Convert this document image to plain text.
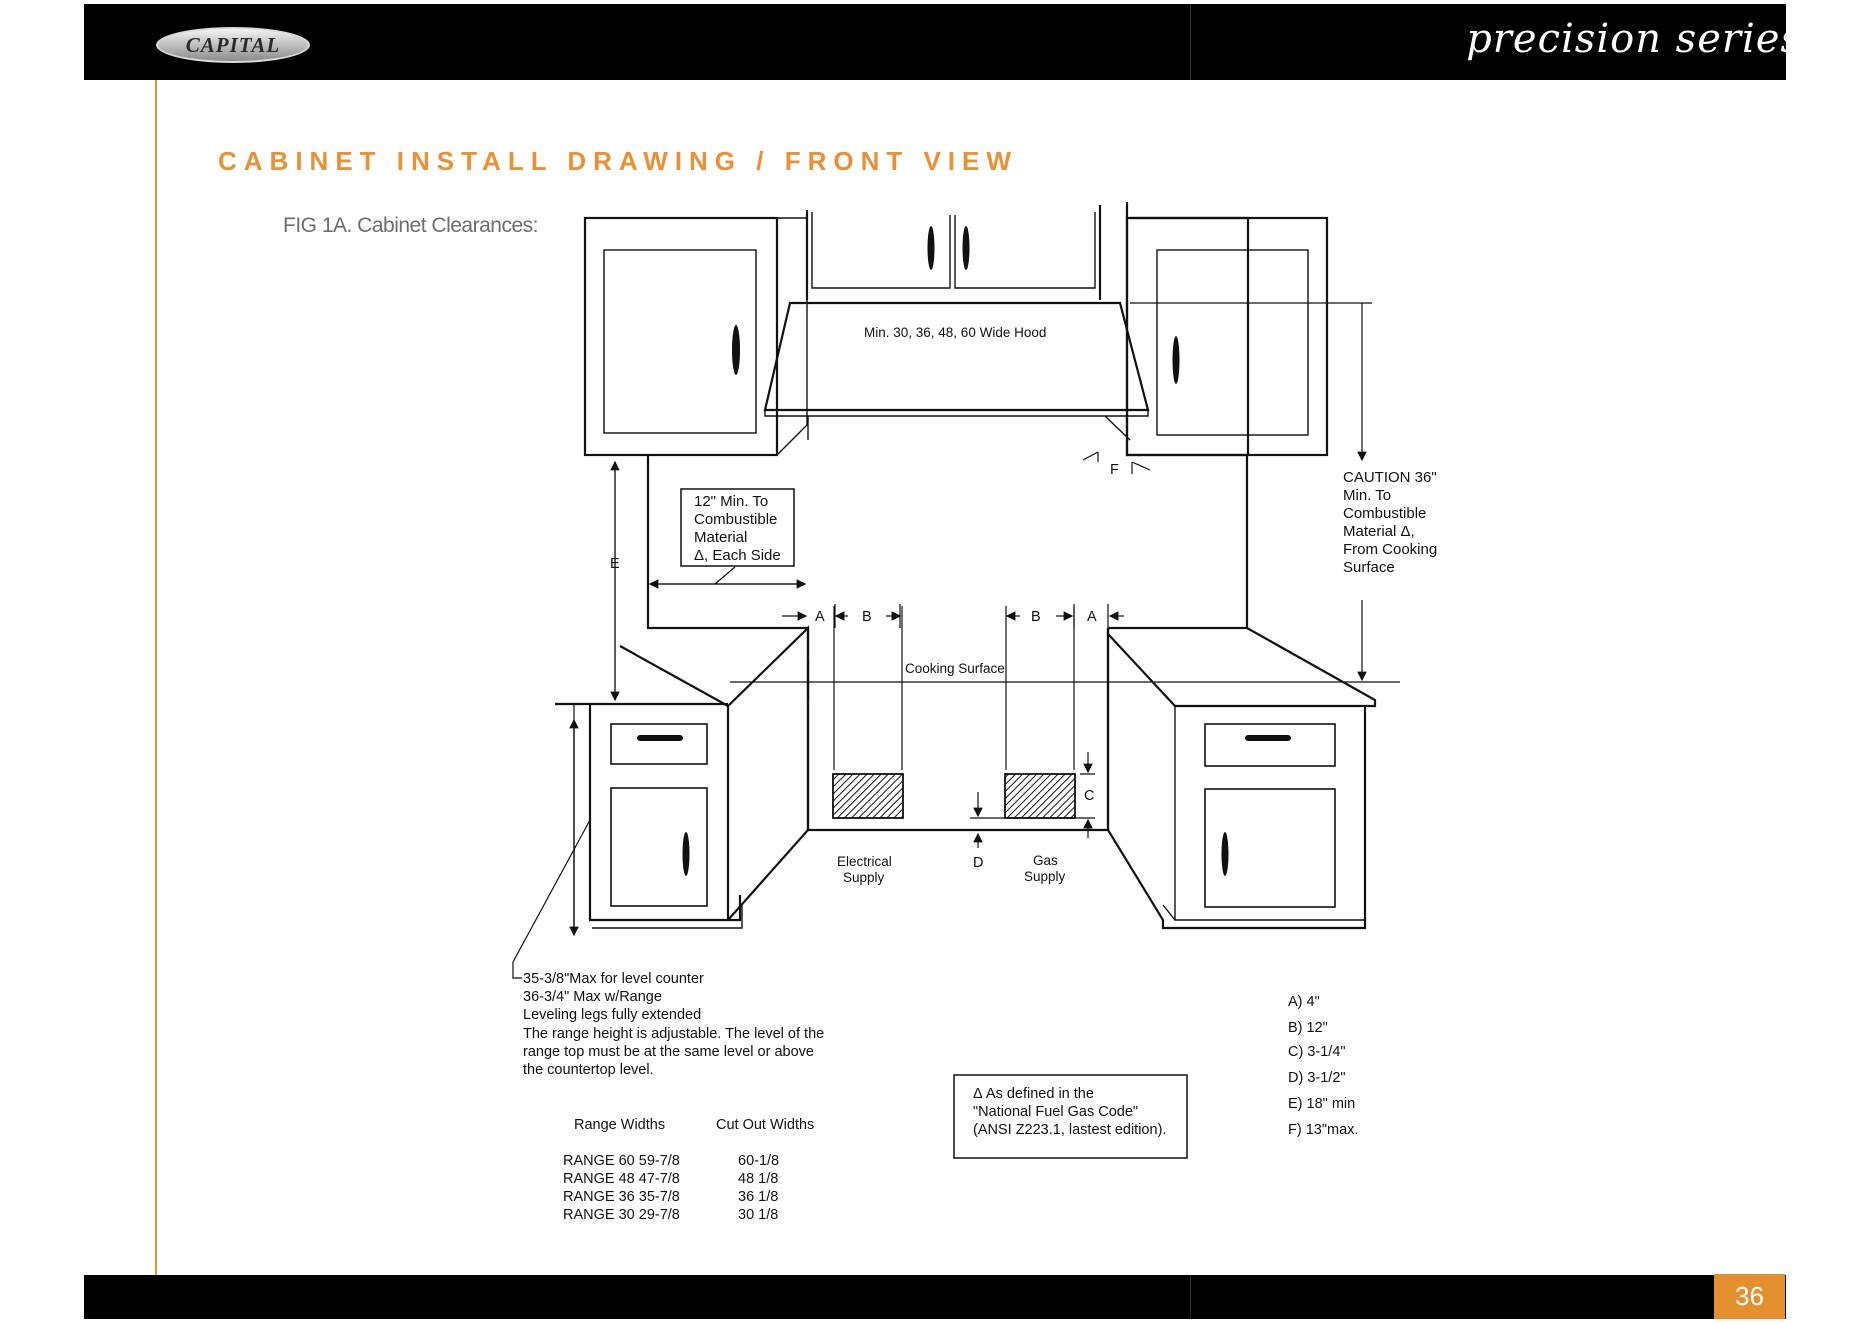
CAPITAL	precision series
CABINET INSTALL DRAWING / FRONT VIEW
FIG 1A. Cabinet Clearances:
Min. 30, 36, 48, 60 Wide Hood
12" Min. To
Combustible
Material
Δ, Each Side
CAUTION 36"
Min. To
Combustible
Material Δ,
From Cooking
Surface
Cooking Surface
Electrical
Supply
Gas
Supply
E
A	B	B	A
C
D
F
35-3/8"Max for level counter
36-3/4" Max w/Range
Leveling legs fully extended
The range height is adjustable. The level of the
range top must be at the same level or above
the countertop level.
Range Widths	Cut Out Widths
RANGE 60 59-7/8	60-1/8
RANGE 48 47-7/8	48 1/8
RANGE 36 35-7/8	36 1/8
RANGE 30 29-7/8	30 1/8
Δ As defined in the
"National Fuel Gas Code"
(ANSI Z223.1, lastest edition).
A) 4"
B) 12"
C) 3-1/4"
D) 3-1/2"
E) 18" min
F) 13"max.
36
